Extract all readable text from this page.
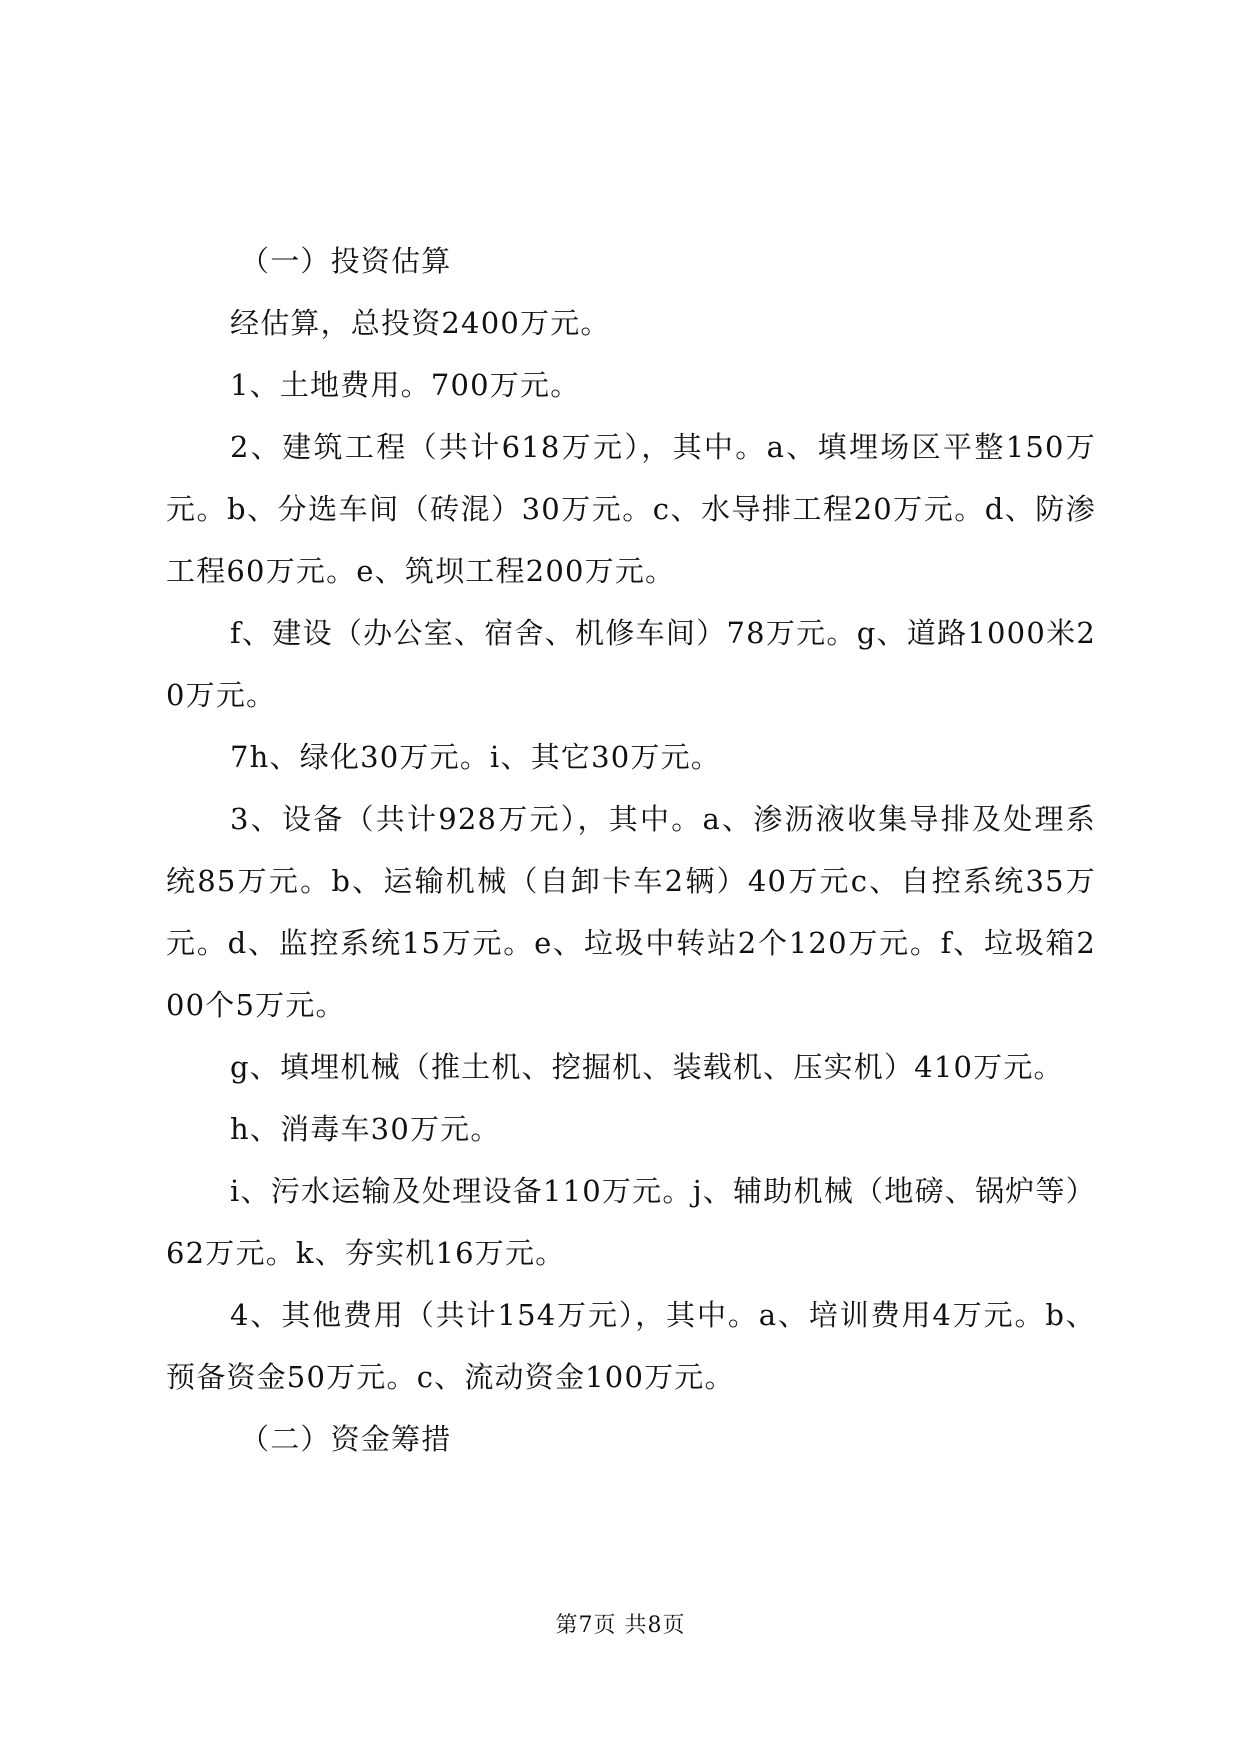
（一）投资估算

经估算，总投资2400万元。

1、土地费用。700万元。

2、建筑工程（共计618万元），其中。a、填埋场区平整150万元。b、分选车间（砖混）30万元。c、水导排工程20万元。d、防渗工程60万元。e、筑坝工程200万元。

f、建设（办公室、宿舍、机修车间）78万元。g、道路1000米20万元。

7h、绿化30万元。i、其它30万元。

3、设备（共计928万元），其中。a、渗沥液收集导排及处理系统85万元。b、运输机械（自卸卡车2辆）40万元c、自控系统35万元。d、监控系统15万元。e、垃圾中转站2个120万元。f、垃圾箱200个5万元。

g、填埋机械（推土机、挖掘机、装载机、压实机）410万元。

h、消毒车30万元。

i、污水运输及处理设备110万元。j、辅助机械（地磅、锅炉等）62万元。k、夯实机16万元。

4、其他费用（共计154万元），其中。a、培训费用4万元。b、预备资金50万元。c、流动资金100万元。

（二）资金筹措

第7页 共8页
